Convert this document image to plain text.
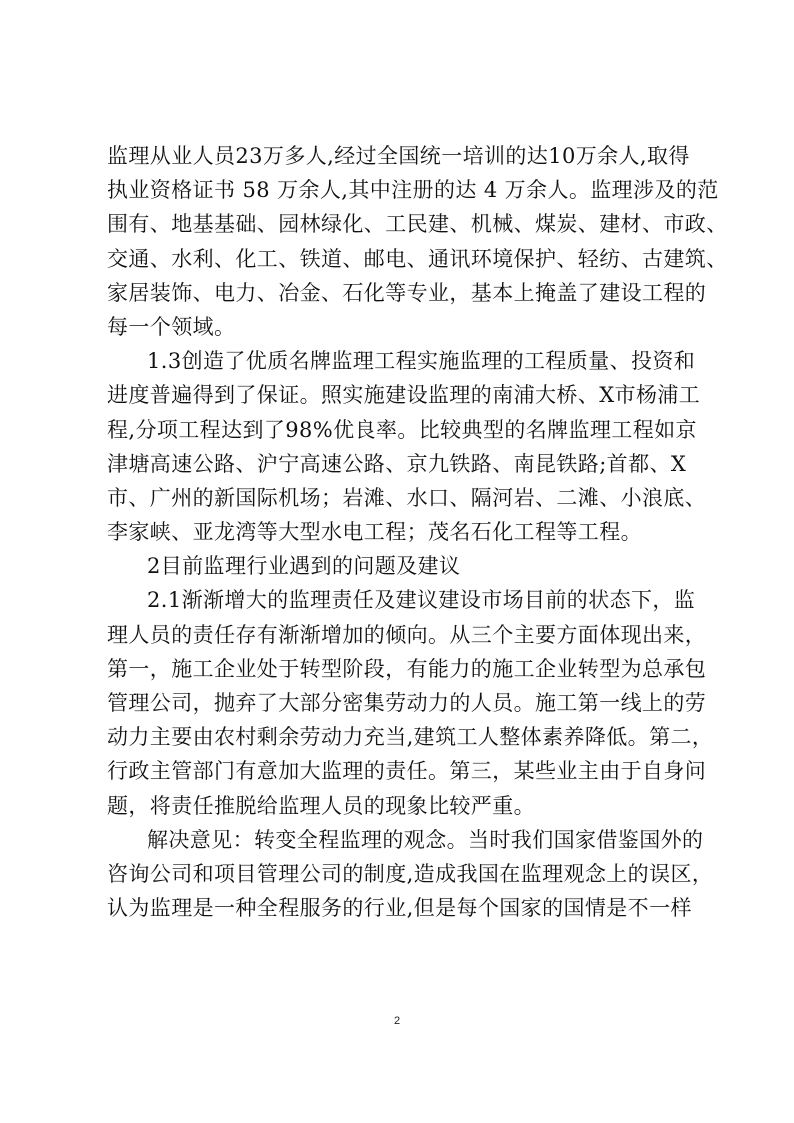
监理从业人员23万多人,经过全国统一培训的达10万余人,取得
执业资格证书 58 万余人,其中注册的达 4 万余人。监理涉及的范
围有、地基基础、园林绿化、工民建、机械、煤炭、建材、市政、
交通、水利、化工、铁道、邮电、通讯环境保护、轻纺、古建筑、
家居装饰、电力、冶金、石化等专业，基本上掩盖了建设工程的
每一个领域。
1.3创造了优质名牌监理工程实施监理的工程质量、投资和
进度普遍得到了保证。照实施建设监理的南浦大桥、X市杨浦工
程,分项工程达到了98%优良率。比较典型的名牌监理工程如京
津塘高速公路、沪宁高速公路、京九铁路、南昆铁路;首都、X
市、广州的新国际机场；岩滩、水口、隔河岩、二滩、小浪底、
李家峡、亚龙湾等大型水电工程；茂名石化工程等工程。
2目前监理行业遇到的问题及建议
2.1渐渐增大的监理责任及建议建设市场目前的状态下，监
理人员的责任存有渐渐增加的倾向。从三个主要方面体现出来，
第一，施工企业处于转型阶段，有能力的施工企业转型为总承包
管理公司，抛弃了大部分密集劳动力的人员。施工第一线上的劳
动力主要由农村剩余劳动力充当,建筑工人整体素养降低。第二，
行政主管部门有意加大监理的责任。第三，某些业主由于自身问
题，将责任推脱给监理人员的现象比较严重。
解决意见：转变全程监理的观念。当时我们国家借鉴国外的
咨询公司和项目管理公司的制度,造成我国在监理观念上的误区，
认为监理是一种全程服务的行业,但是每个国家的国情是不一样
2
